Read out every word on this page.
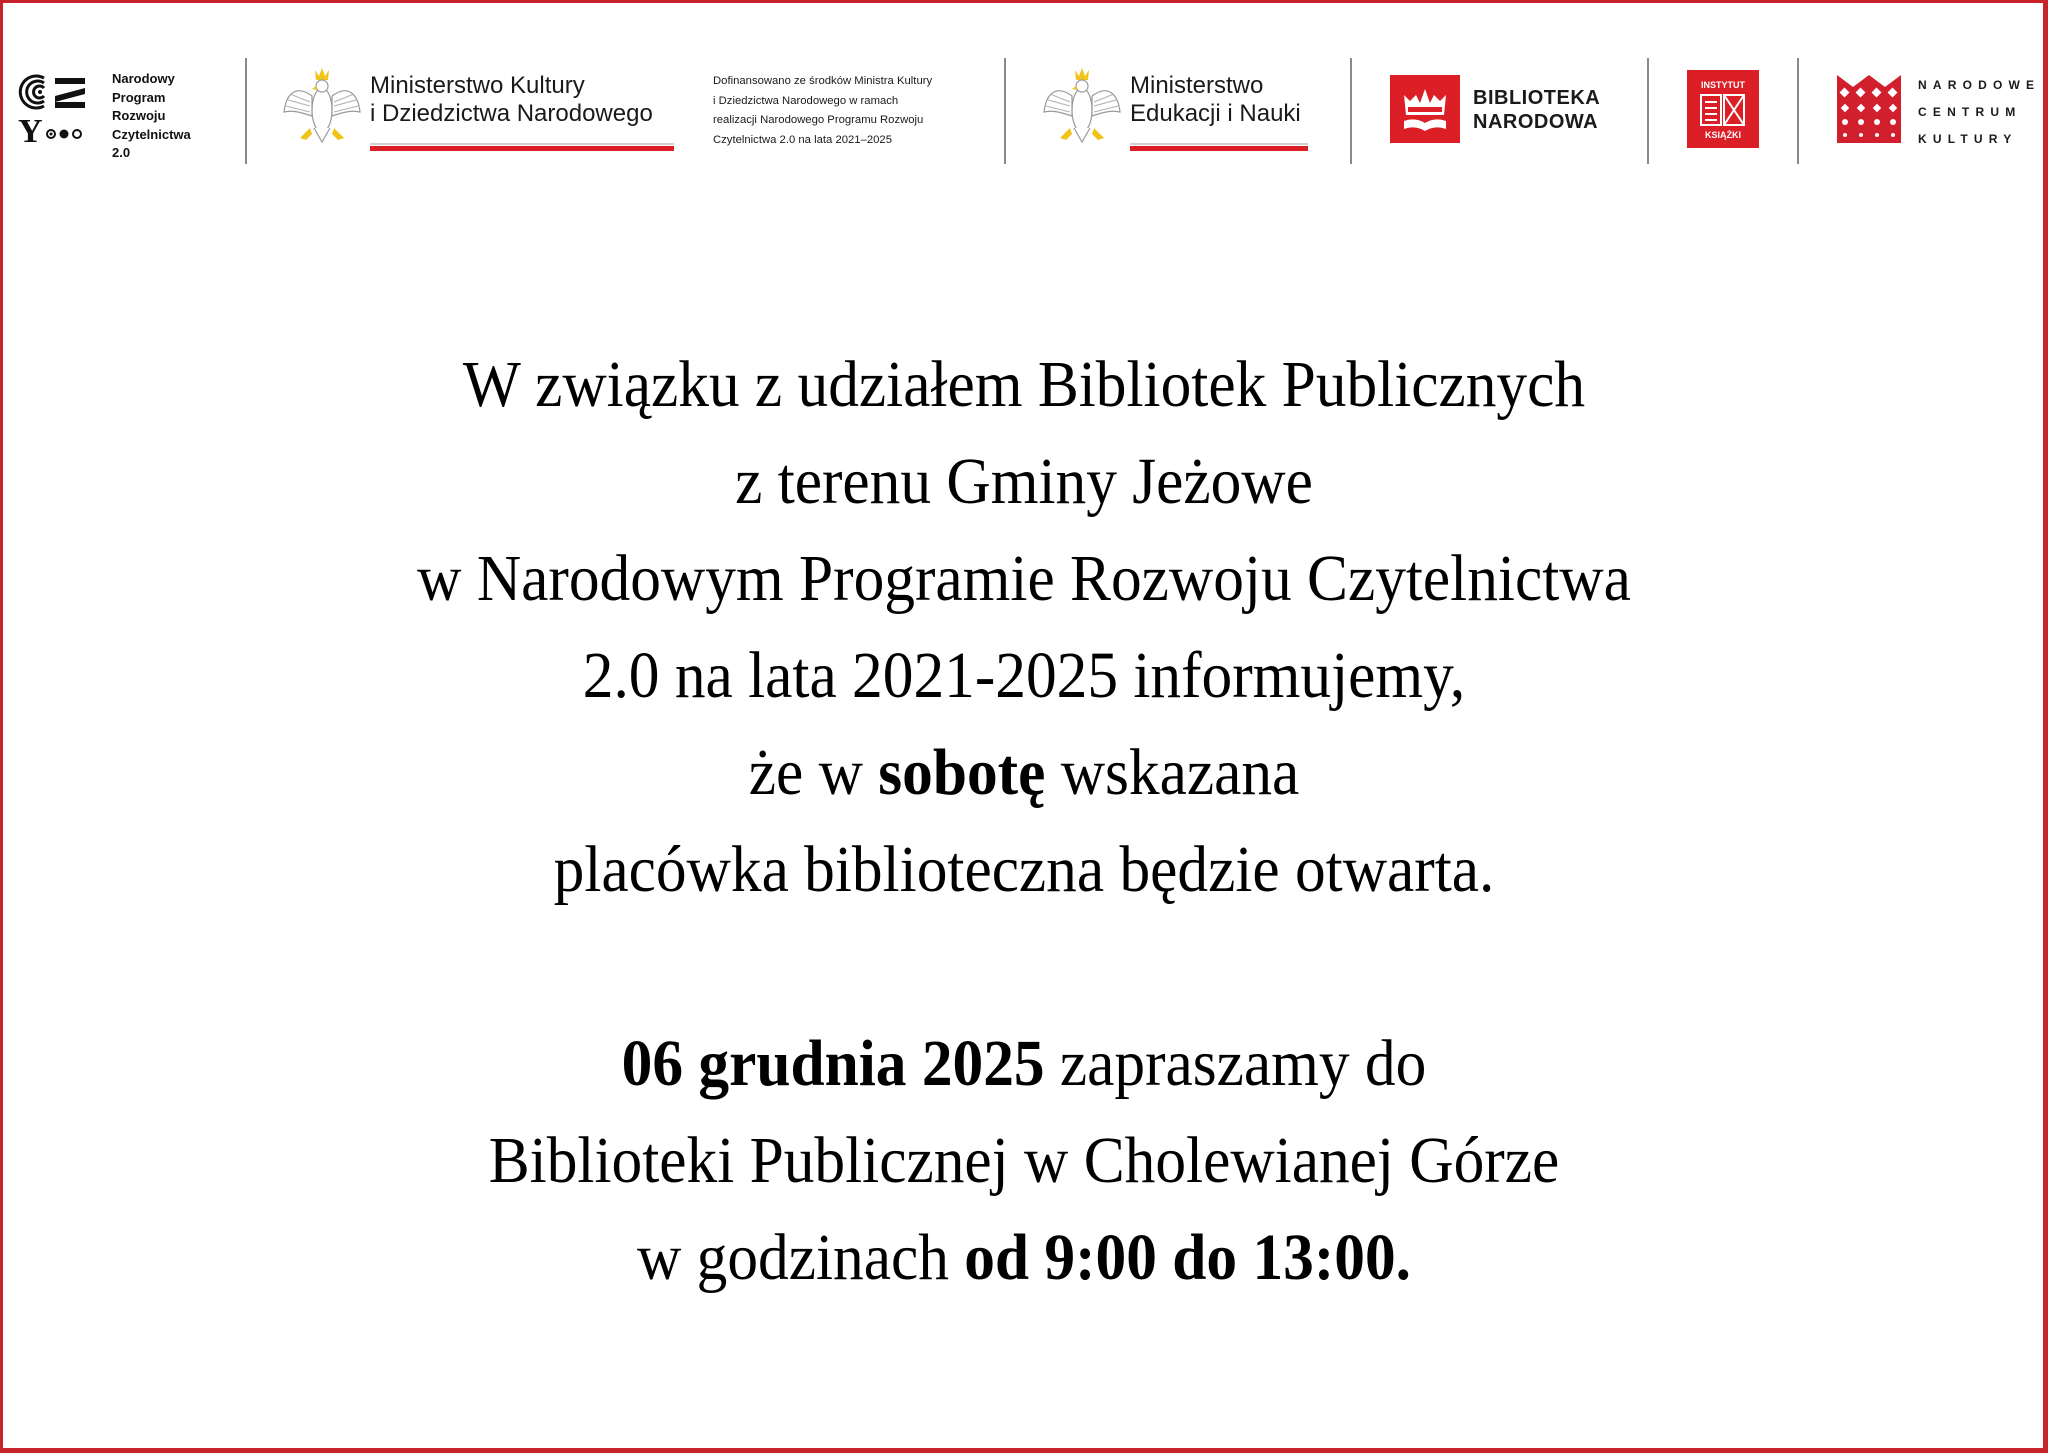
Y
Narodowy
Program
Rozwoju
Czytelnictwa
2.0
Ministerstwo Kultury
i Dziedzictwa Narodowego
Dofinansowano ze środków Ministra Kultury
i Dziedzictwa Narodowego w ramach
realizacji Narodowego Programu Rozwoju
Czytelnictwa 2.0 na lata 2021–2025
Ministerstwo
Edukacji i Nauki
BIBLIOTEKA
NARODOWA
INSTYTUT
KSIĄŻKI
NARODOWE
CENTRUM
KULTURY
W związku z udziałem Bibliotek Publicznych
z terenu Gminy Jeżowe
w Narodowym Programie Rozwoju Czytelnictwa
2.0 na lata 2021-2025 informujemy,
że w sobotę wskazana
placówka biblioteczna będzie otwarta.
06 grudnia 2025 zapraszamy do
Biblioteki Publicznej w Cholewianej Górze
w godzinach od 9:00 do 13:00.
